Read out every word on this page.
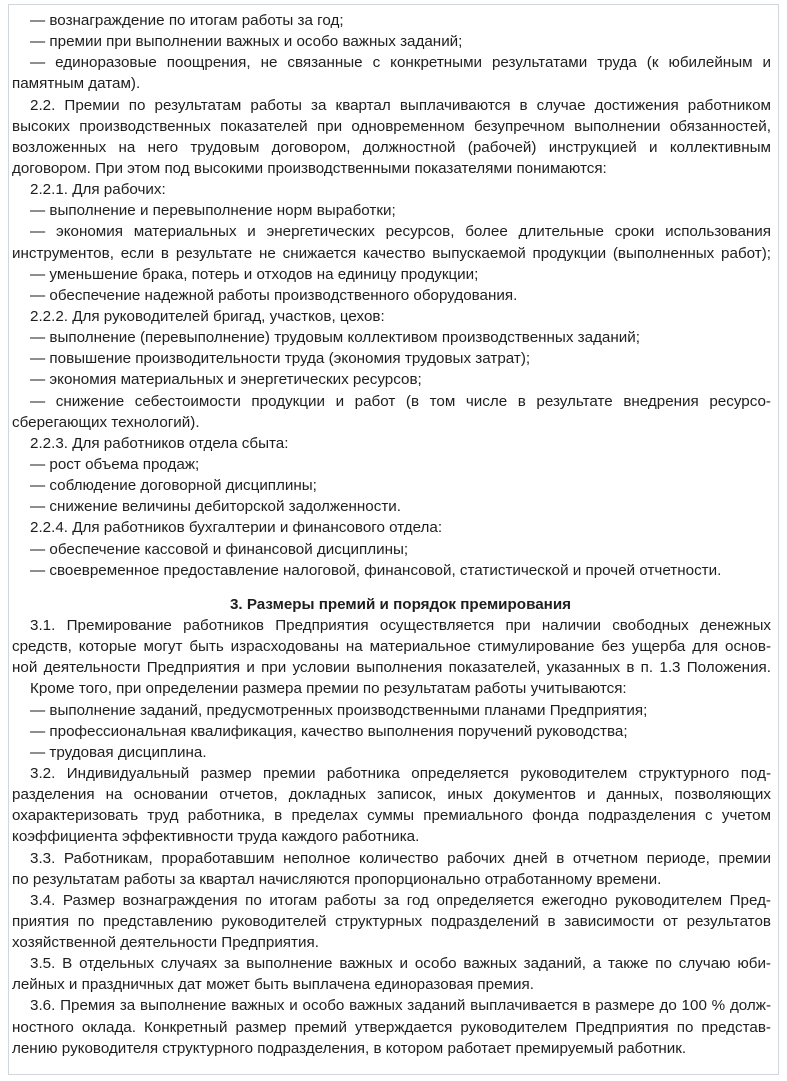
— вознаграждение по итогам работы за год;
— премии при выполнении важных и особо важных заданий;
— единоразовые поощрения, не связанные с конкретными результатами труда (к юбилейным и
памятным датам).
2.2. Премии по результатам работы за квартал выплачиваются в случае достижения работником
высоких производственных показателей при одновременном безупречном выполнении обязанностей,
возложенных на него трудовым договором, должностной (рабочей) инструкцией и коллективным
договором. При этом под высокими производственными показателями понимаются:
2.2.1. Для рабочих:
— выполнение и перевыполнение норм выработки;
— экономия материальных и энергетических ресурсов, более длительные сроки использования
инструментов, если в результате не снижается качество выпускаемой продукции (выполненных работ);
— уменьшение брака, потерь и отходов на единицу продукции;
— обеспечение надежной работы производственного оборудования.
2.2.2. Для руководителей бригад, участков, цехов:
— выполнение (перевыполнение) трудовым коллективом производственных заданий;
— повышение производительности труда (экономия трудовых затрат);
— экономия материальных и энергетических ресурсов;
— снижение себестоимости продукции и работ (в том числе в результате внедрения ресурсо-
сберегающих технологий).
2.2.3. Для работников отдела сбыта:
— рост объема продаж;
— соблюдение договорной дисциплины;
— снижение величины дебиторской задолженности.
2.2.4. Для работников бухгалтерии и финансового отдела:
— обеспечение кассовой и финансовой дисциплины;
— своевременное предоставление налоговой, финансовой, статистической и прочей отчетности.
3. Размеры премий и порядок премирования
3.1. Премирование работников Предприятия осуществляется при наличии свободных денежных
средств, которые могут быть израсходованы на материальное стимулирование без ущерба для основ-
ной деятельности Предприятия и при условии выполнения показателей, указанных в п. 1.3 Положения.
Кроме того, при определении размера премии по результатам работы учитываются:
— выполнение заданий, предусмотренных производственными планами Предприятия;
— профессиональная квалификация, качество выполнения поручений руководства;
— трудовая дисциплина.
3.2. Индивидуальный размер премии работника определяется руководителем структурного под-
разделения на основании отчетов, докладных записок, иных документов и данных, позволяющих
охарактеризовать труд работника, в пределах суммы премиального фонда подразделения с учетом
коэффициента эффективности труда каждого работника.
3.3. Работникам, проработавшим неполное количество рабочих дней в отчетном периоде, премии
по результатам работы за квартал начисляются пропорционально отработанному времени.
3.4. Размер вознаграждения по итогам работы за год определяется ежегодно руководителем Пред-
приятия по представлению руководителей структурных подразделений в зависимости от результатов
хозяйственной деятельности Предприятия.
3.5. В отдельных случаях за выполнение важных и особо важных заданий, а также по случаю юби-
лейных и праздничных дат может быть выплачена единоразовая премия.
3.6. Премия за выполнение важных и особо важных заданий выплачивается в размере до 100 % долж-
ностного оклада. Конкретный размер премий утверждается руководителем Предприятия по представ-
лению руководителя структурного подразделения, в котором работает премируемый работник.
